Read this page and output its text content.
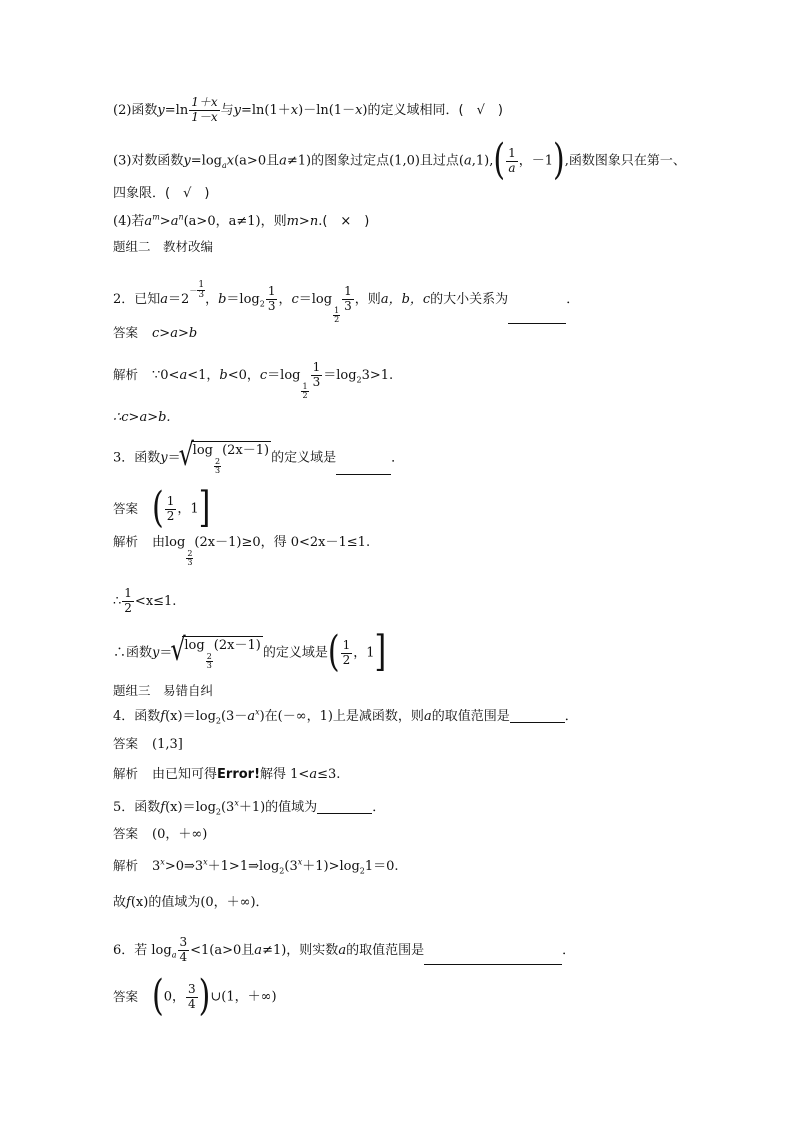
(2)函数$y=\ln \frac{1+x}{1-x}$ 与y=ln(1＋x)－ln(1－x)的定义域相同．(　√　)
(3)对数函数$y=\log_ax(a>0$且a≠1)的图象过定点(1,0)且过点$(a,1),( \frac{1}{a}$ ，－1),函数图象只在第一、
四象限．(　√　)
(4)若$a^m>a^n(a>0$，a≠1)，则m>n.(　×　)
题组二　教材改编
2．已知$a=2^{- \frac{1}{3}}$ ，$b=\log_2 \frac{1}{3}$ ，c＝log
$\frac{1}{2}$
$\frac{1}{3}$ ，则a，b，c的大小关系为	．
答案 c>a>b
解析 ∵0<a<1，b<0，c＝log
$\frac{1}{2}$
$\frac{1}{3} =\log_23>1$.
∴c>a>b.
3．函数y＝ √ log
$\frac{2}{3}$
(2x－1) 的定义域是	．
答案 ( $\frac{1}{2}$ ，1]
解析 由log
$\frac{2}{3}$
(2x－1)≥0，得 0<2x－1≤1.
∴ $\frac{1}{2} <x\le 1$.
∴函数y＝ √ log
$\frac{2}{3}$
(2x－1) 的定义域是( $\frac{1}{2}$ ，1]
题组三　易错自纠
4．函数$f(x)=\log_2(3-a^x)$在(－∞，1)上是减函数，则a的取值范围是	．
答案 (1,3]
解析 由已知可得Error!解得 1<a≤3.
5．函数$f(x)=\log_2(3^x+1)$的值域为	．
答案 (0，＋∞)
解析 $3^x>0\Rightarrow 3^x+1>1\Rightarrow\log_2(3^x+1)>\log_21=0$.
故f(x)的值域为(0，＋∞)．
6．若 $\log_a \frac{3}{4} <1(a>0$且a≠1)，则实数a的取值范围是	．
答案 (0， $\frac{3}{4}$ )∪(1，＋∞)
